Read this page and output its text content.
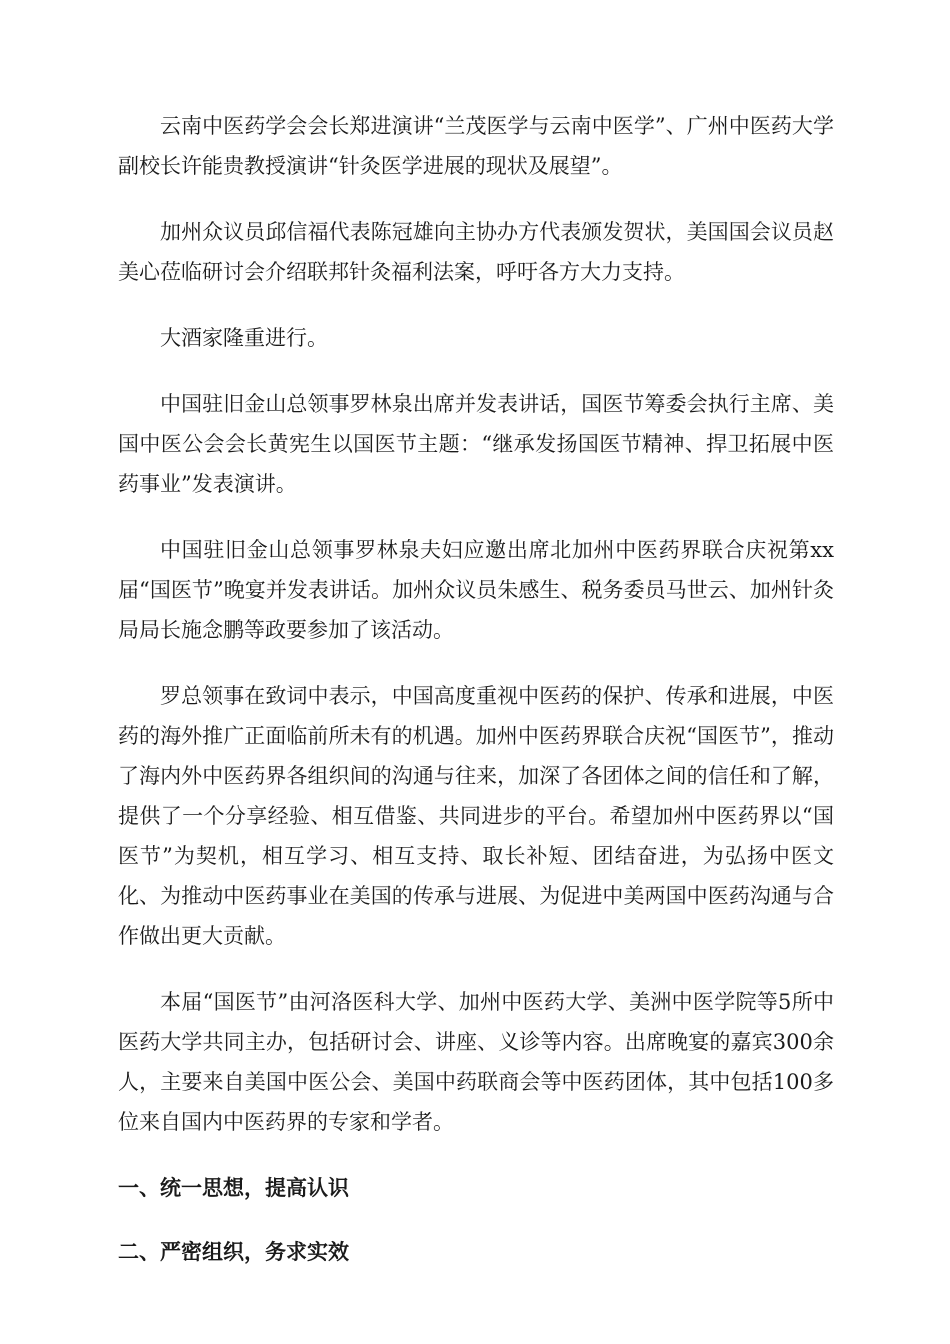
云南中医药学会会长郑进演讲“兰茂医学与云南中医学”、广州中医药大学副校长许能贵教授演讲“针灸医学进展的现状及展望”。

加州众议员邱信福代表陈冠雄向主协办方代表颁发贺状，美国国会议员赵美心莅临研讨会介绍联邦针灸福利法案，呼吁各方大力支持。

大酒家隆重进行。

中国驻旧金山总领事罗林泉出席并发表讲话，国医节筹委会执行主席、美国中医公会会长黄宪生以国医节主题：“继承发扬国医节精神、捍卫拓展中医药事业”发表演讲。

中国驻旧金山总领事罗林泉夫妇应邀出席北加州中医药界联合庆祝第xx届“国医节”晚宴并发表讲话。加州众议员朱感生、税务委员马世云、加州针灸局局长施念鹏等政要参加了该活动。

罗总领事在致词中表示，中国高度重视中医药的保护、传承和进展，中医药的海外推广正面临前所未有的机遇。加州中医药界联合庆祝“国医节”，推动了海内外中医药界各组织间的沟通与往来，加深了各团体之间的信任和了解，提供了一个分享经验、相互借鉴、共同进步的平台。希望加州中医药界以“国医节”为契机，相互学习、相互支持、取长补短、团结奋进，为弘扬中医文化、为推动中医药事业在美国的传承与进展、为促进中美两国中医药沟通与合作做出更大贡献。

本届“国医节”由河洛医科大学、加州中医药大学、美洲中医学院等5所中医药大学共同主办，包括研讨会、讲座、义诊等内容。出席晚宴的嘉宾300余人，主要来自美国中医公会、美国中药联商会等中医药团体，其中包括100多位来自国内中医药界的专家和学者。

一、统一思想，提高认识

二、严密组织，务求实效
